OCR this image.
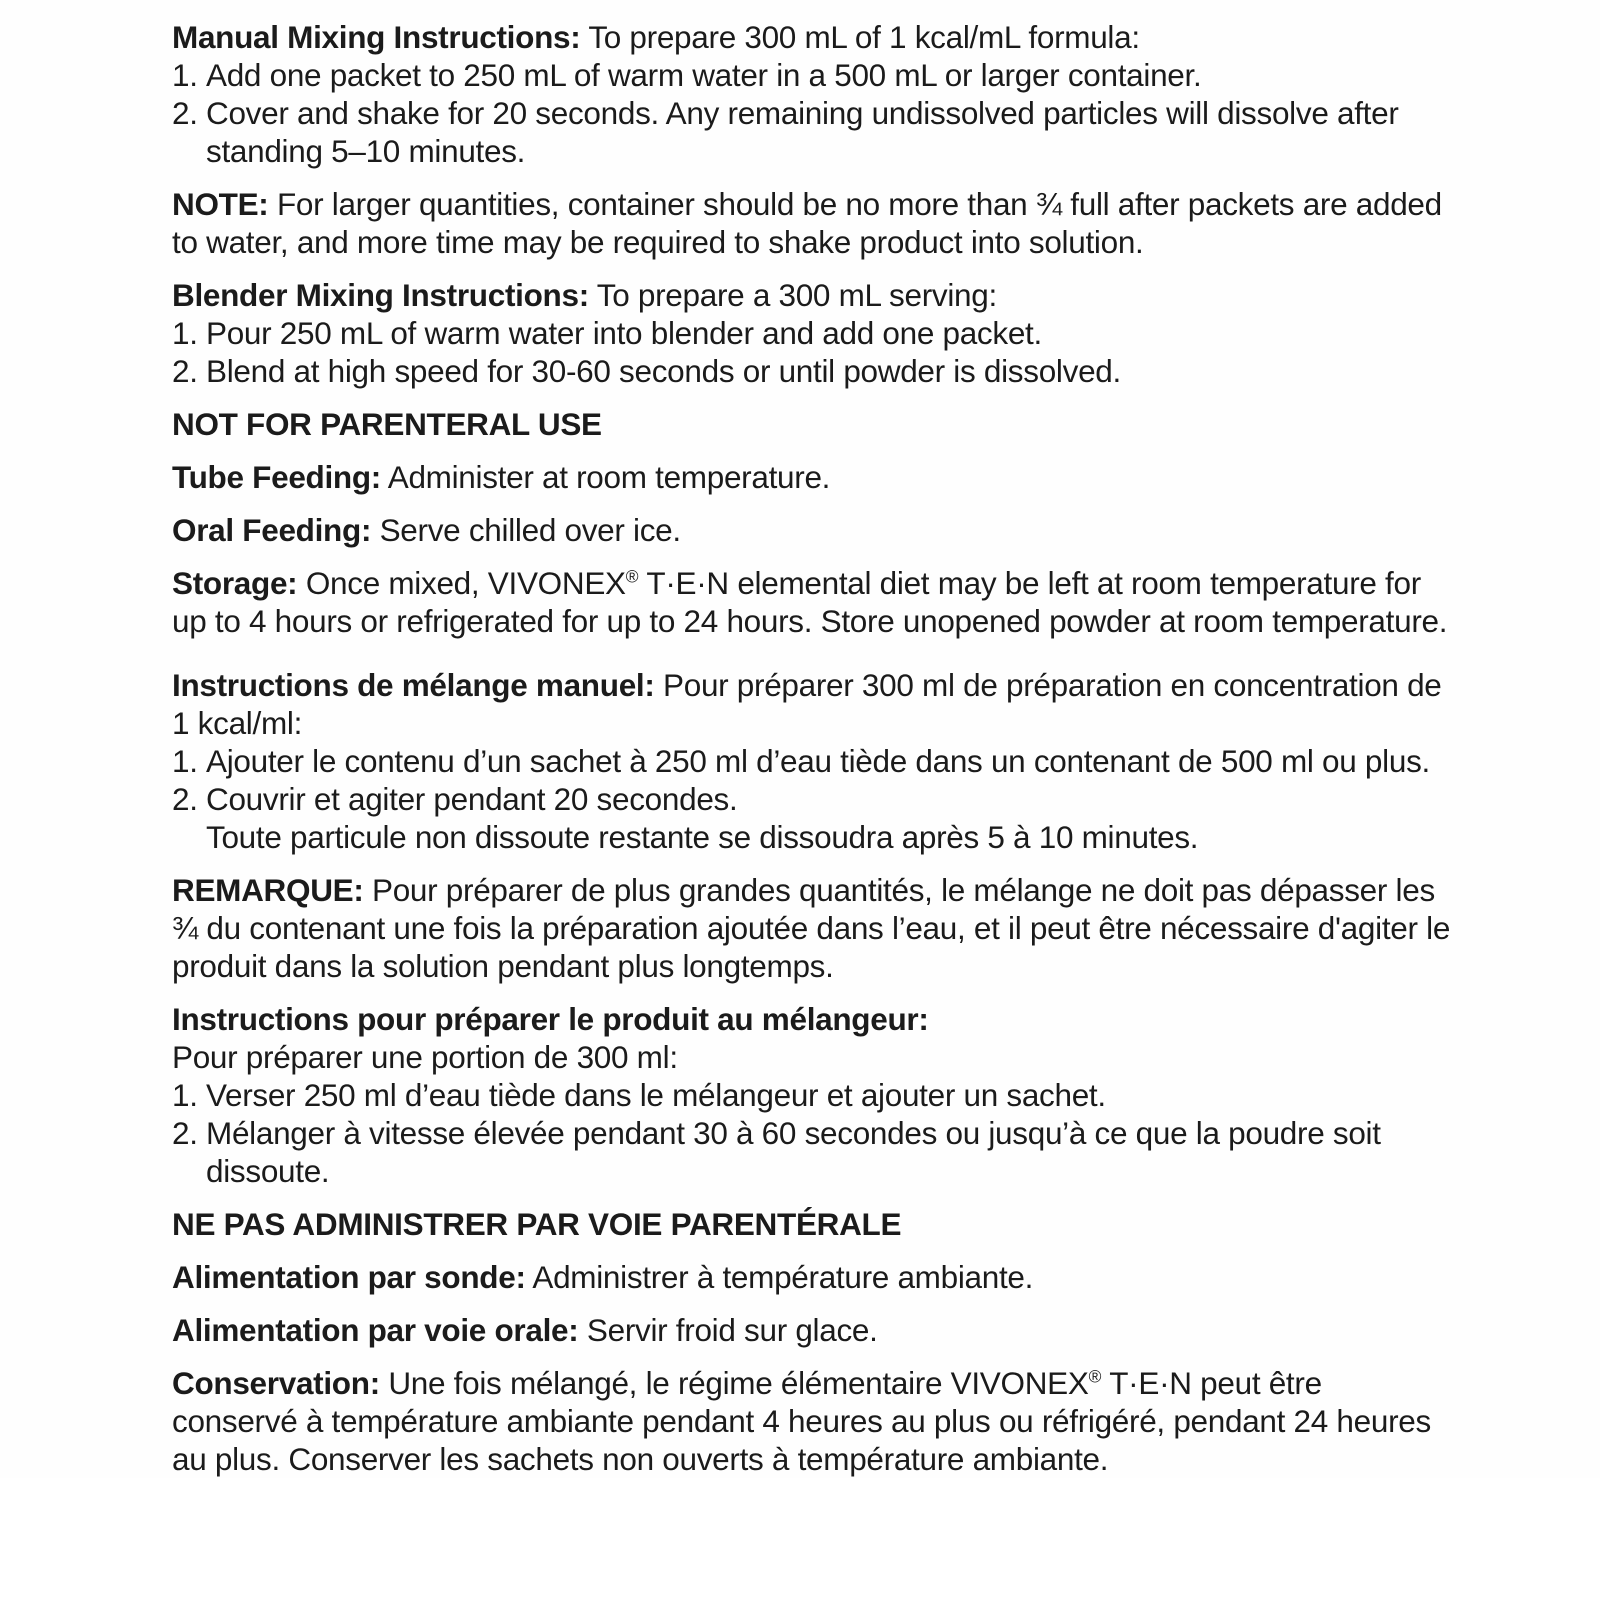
Manual Mixing Instructions: To prepare 300 mL of 1 kcal/mL formula:

1. Add one packet to 250 mL of warm water in a 500 mL or larger container.
2. Cover and shake for 20 seconds. Any remaining undissolved particles will dissolve after standing 5–10 minutes.

NOTE: For larger quantities, container should be no more than ¾ full after packets are added to water, and more time may be required to shake product into solution.

Blender Mixing Instructions: To prepare a 300 mL serving:

1. Pour 250 mL of warm water into blender and add one packet.
2. Blend at high speed for 30-60 seconds or until powder is dissolved.

NOT FOR PARENTERAL USE

Tube Feeding: Administer at room temperature.

Oral Feeding: Serve chilled over ice.

Storage: Once mixed, VIVONEX® T·E·N elemental diet may be left at room temperature for up to 4 hours or refrigerated for up to 24 hours. Store unopened powder at room temperature.

Instructions de mélange manuel: Pour préparer 300 ml de préparation en concentration de 1 kcal/ml:

1. Ajouter le contenu d’un sachet à 250 ml d’eau tiède dans un contenant de 500 ml ou plus.
2. Couvrir et agiter pendant 20 secondes.
Toute particule non dissoute restante se dissoudra après 5 à 10 minutes.

REMARQUE: Pour préparer de plus grandes quantités, le mélange ne doit pas dépasser les ¾ du contenant une fois la préparation ajoutée dans l’eau, et il peut être nécessaire d'agiter le produit dans la solution pendant plus longtemps.

Instructions pour préparer le produit au mélangeur:

Pour préparer une portion de 300 ml:

1. Verser 250 ml d’eau tiède dans le mélangeur et ajouter un sachet.
2. Mélanger à vitesse élevée pendant 30 à 60 secondes ou jusqu’à ce que la poudre soit dissoute.

NE PAS ADMINISTRER PAR VOIE PARENTÉRALE

Alimentation par sonde: Administrer à température ambiante.

Alimentation par voie orale: Servir froid sur glace.

Conservation: Une fois mélangé, le régime élémentaire VIVONEX® T·E·N peut être conservé à température ambiante pendant 4 heures au plus ou réfrigéré, pendant 24 heures au plus. Conserver les sachets non ouverts à température ambiante.
